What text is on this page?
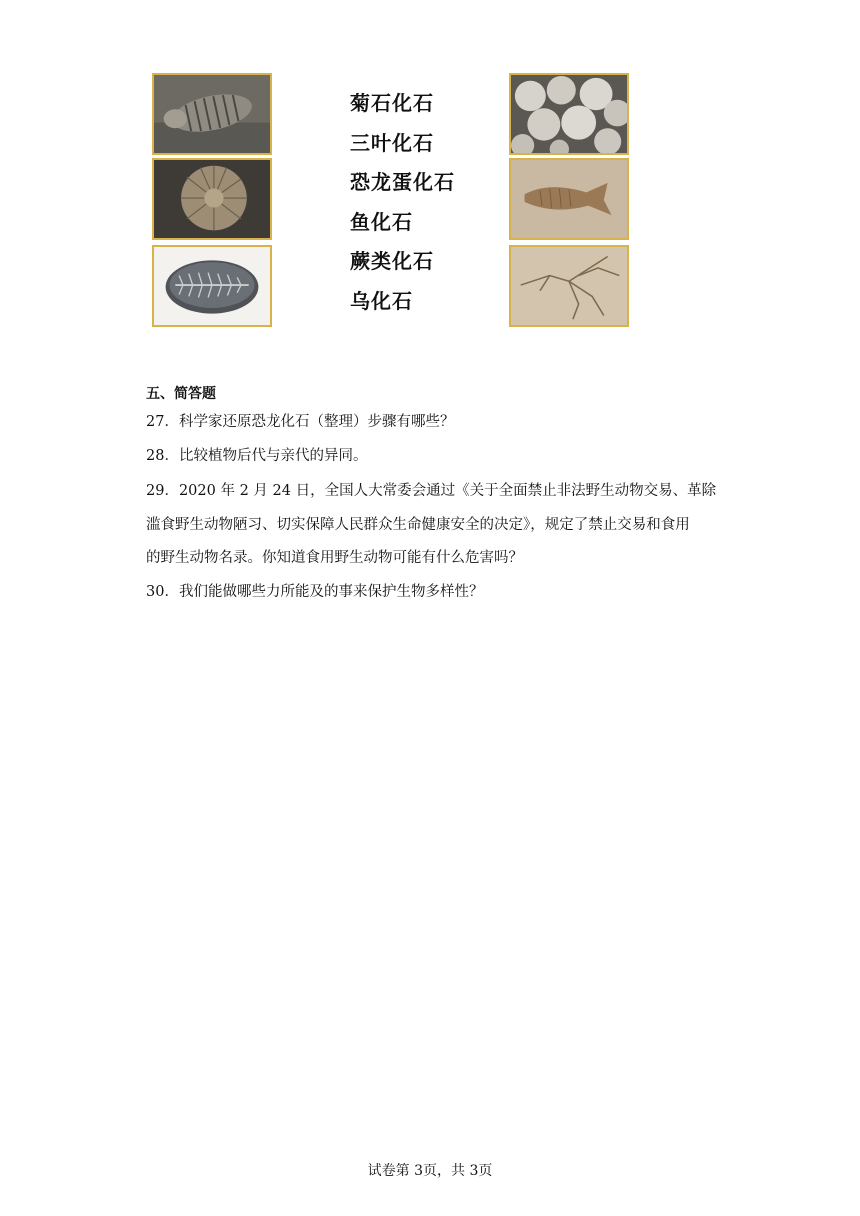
菊石化石
三叶化石
恐龙蛋化石
鱼化石
蕨类化石
乌化石

五、简答题

27．科学家还原恐龙化石（整理）步骤有哪些？

28．比较植物后代与亲代的异同。

29．2020 年 2 月 24 日，全国人大常委会通过《关于全面禁止非法野生动物交易、革除

滥食野生动物陋习、切实保障人民群众生命健康安全的决定》，规定了禁止交易和食用

的野生动物名录。你知道食用野生动物可能有什么危害吗？

30．我们能做哪些力所能及的事来保护生物多样性？

试卷第 3页，共 3页
